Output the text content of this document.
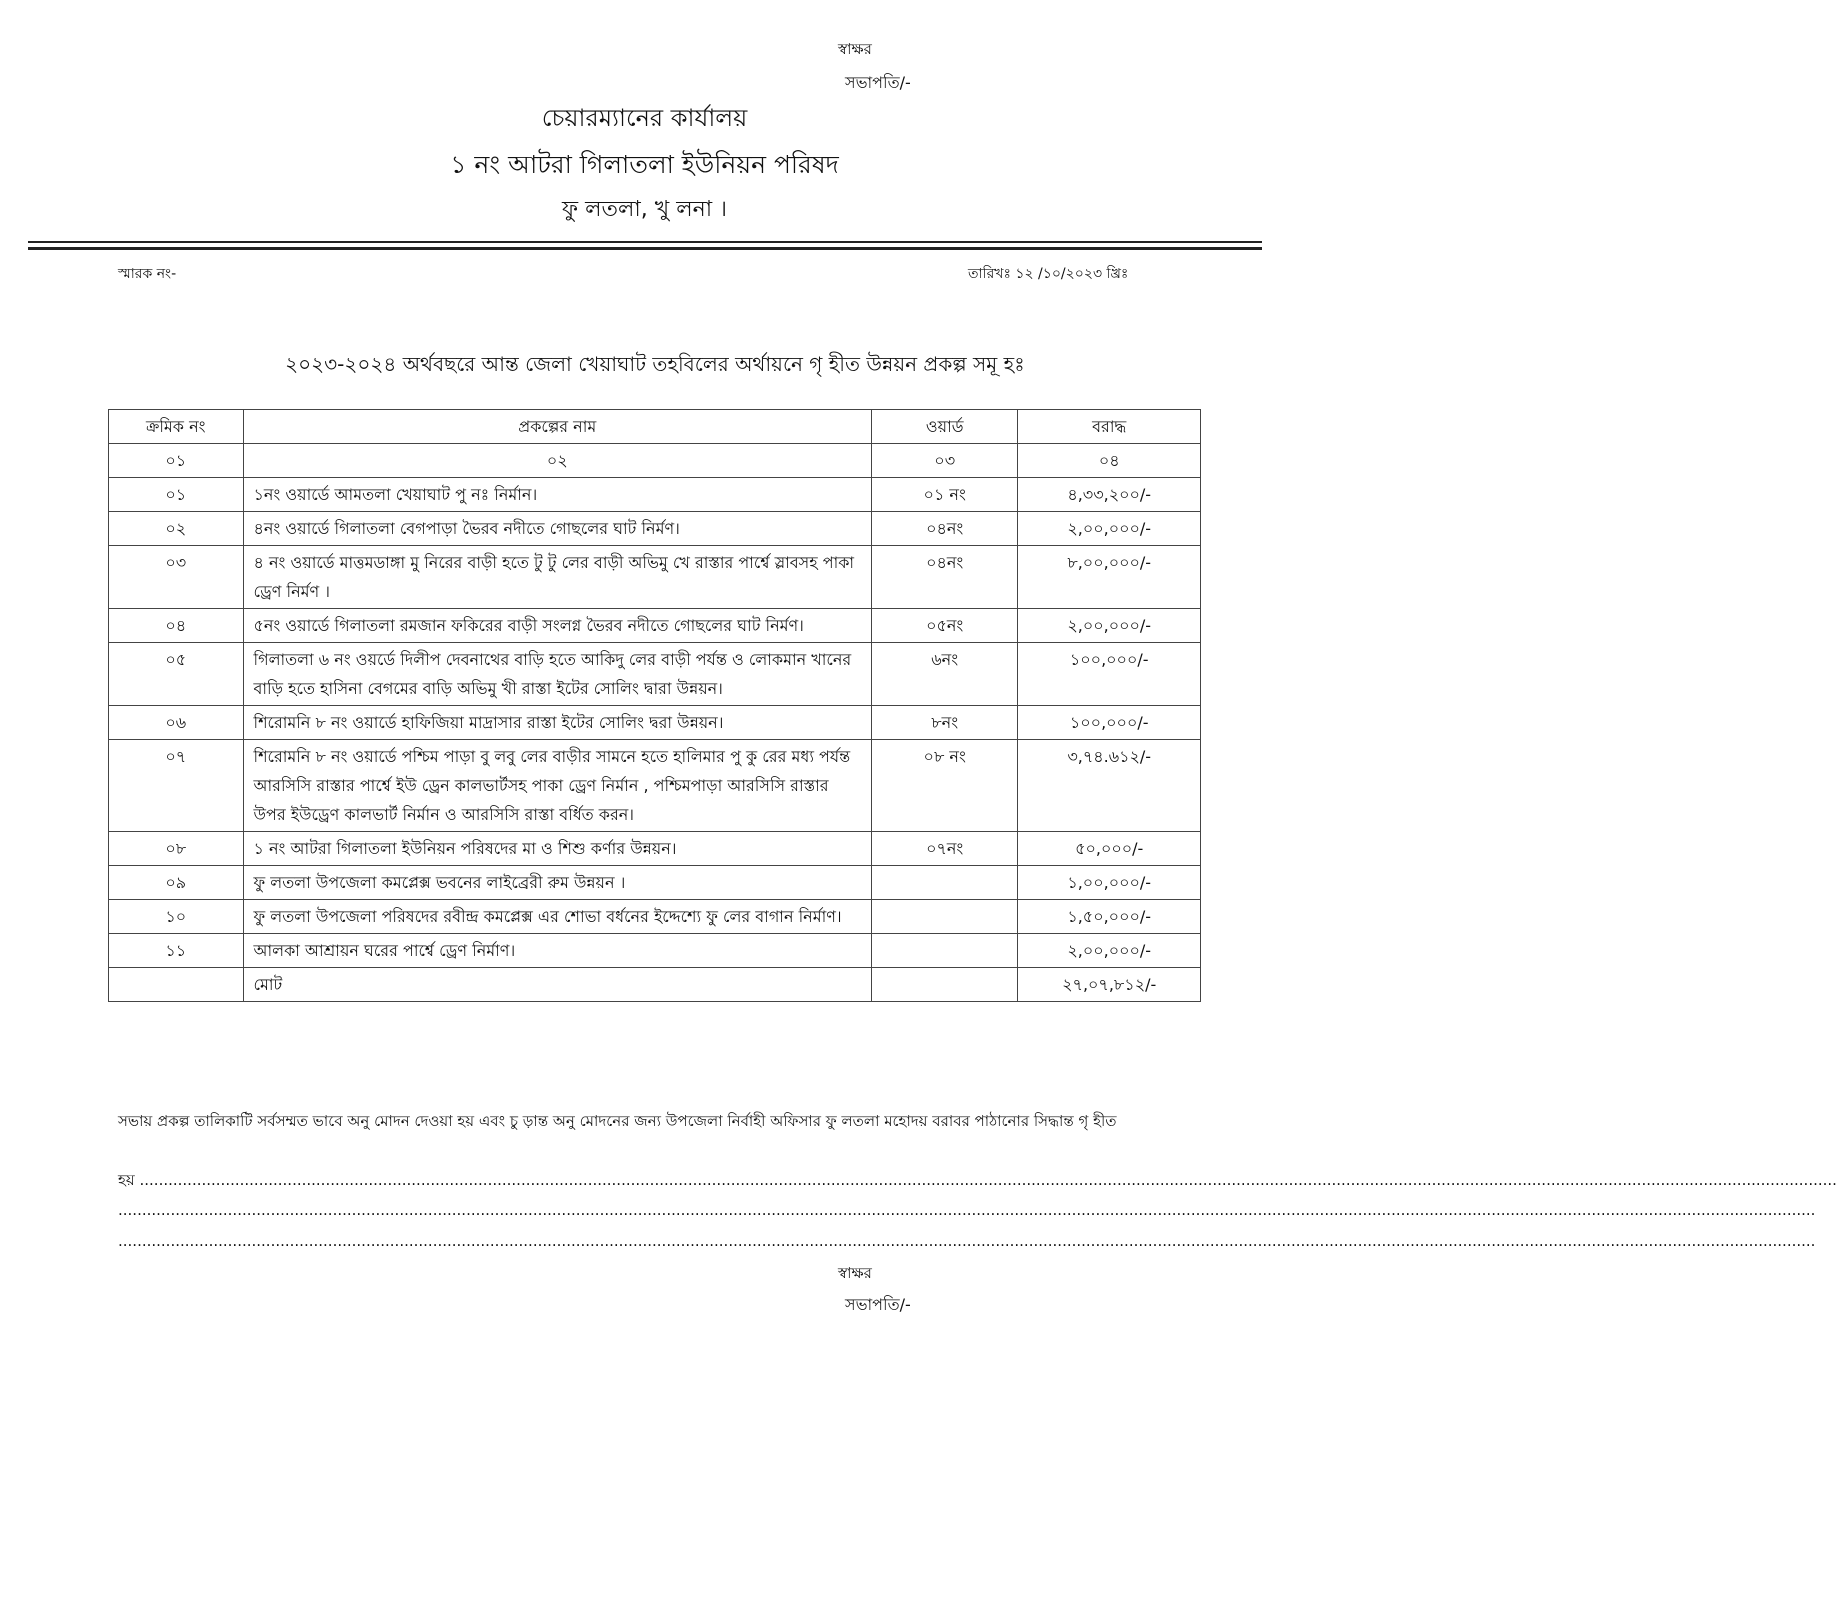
স্বাক্ষর
সভাপতি/-
চেয়ারম্যানের কার্যালয়
১ নং আটরা গিলাতলা ইউনিয়ন পরিষদ
ফু লতলা, খু লনা ।
স্মারক নং-	তারিখঃ ১২ /১০/২০২৩ খ্রিঃ
২০২৩-২০২৪ অর্থবছরে আন্ত জেলা খেয়াঘাট তহবিলের অর্থায়নে গৃ হীত উন্নয়ন প্রকল্প সমূ হঃ
ক্রমিক নং	প্রকল্পের নাম	ওয়ার্ড	বরাদ্ধ
০১	০২	০৩	০৪
০১	১নং ওয়ার্ডে আমতলা খেয়াঘাট পু নঃ নির্মান।	০১ নং	৪,৩৩,২০০/-
০২	৪নং ওয়ার্ডে গিলাতলা বেগপাড়া ভৈরব নদীতে গোছলের ঘাট নির্মণ।	০৪নং	২,০০,০০০/-
০৩	৪ নং ওয়ার্ডে মাত্তমডাঙ্গা মু নিরের বাড়ী হতে টু টু লের বাড়ী অভিমু খে রাস্তার পার্শ্বে স্লাবসহ পাকা ড্রেণ নির্মণ ।	০৪নং	৮,০০,০০০/-
০৪	৫নং ওয়ার্ডে গিলাতলা রমজান ফকিরের বাড়ী সংলগ্ন ভৈরব নদীতে গোছলের ঘাট নির্মণ।	০৫নং	২,০০,০০০/-
০৫	গিলাতলা ৬ নং ওয়র্ডে দিলীপ দেবনাথের বাড়ি হতে আকিদু লের বাড়ী পর্যন্ত ও লোকমান খানের বাড়ি হতে হাসিনা বেগমের বাড়ি অভিমু খী রাস্তা ইটের সোলিং দ্বারা উন্নয়ন।	৬নং	১০০,০০০/-
০৬	শিরোমনি ৮ নং ওয়ার্ডে হাফিজিয়া মাদ্রাসার রাস্তা ইটের সোলিং দ্বরা উন্নয়ন।	৮নং	১০০,০০০/-
০৭	শিরোমনি ৮ নং ওয়ার্ডে পশ্চিম পাড়া বু লবু লের বাড়ীর সামনে হতে হালিমার পু কু রের মধ্য পর্যন্ত আরসিসি রাস্তার পার্শ্বে ইউ ড্রেন কালভার্টসহ পাকা ড্রেণ নির্মান , পশ্চিমপাড়া আরসিসি রাস্তার উপর ইউড্রেণ কালভার্ট নির্মান ও আরসিসি রাস্তা বর্ধিত করন।	০৮ নং	৩,৭৪.৬১২/-
০৮	১ নং আটরা গিলাতলা ইউনিয়ন পরিষদের মা ও শিশু কর্ণার উন্নয়ন।	০৭নং	৫০,০০০/-
০৯	ফু লতলা উপজেলা কমপ্লেক্স ভবনের লাইব্রেরী রুম উন্নয়ন ।		১,০০,০০০/-
১০	ফু লতলা উপজেলা পরিষদের রবীন্দ্র কমপ্লেক্স এর শোভা বর্ধনের ইদ্দেশ্যে ফু লের বাগান নির্মাণ।		১,৫০,০০০/-
১১	আলকা আশ্রায়ন ঘরের পার্শ্বে ড্রেণ নির্মাণ।		২,০০,০০০/-
	মোট		২৭,০৭,৮১২/-
সভায় প্রকল্প তালিকাটি সর্বসম্মত ভাবে অনু মোদন দেওয়া হয় এবং চু ড়ান্ত অনু মোদনের জন্য উপজেলা নির্বাহী অফিসার ফু লতলা মহোদয় বরাবর পাঠানোর সিদ্ধান্ত গৃ হীত
হয় ....................................................................................................................................................................................................................................................................................................................................................................
....................................................................................................................................................................................................................................................................................................................................................................
....................................................................................................................................................................................................................................................................................................................................................................
স্বাক্ষর
সভাপতি/-
